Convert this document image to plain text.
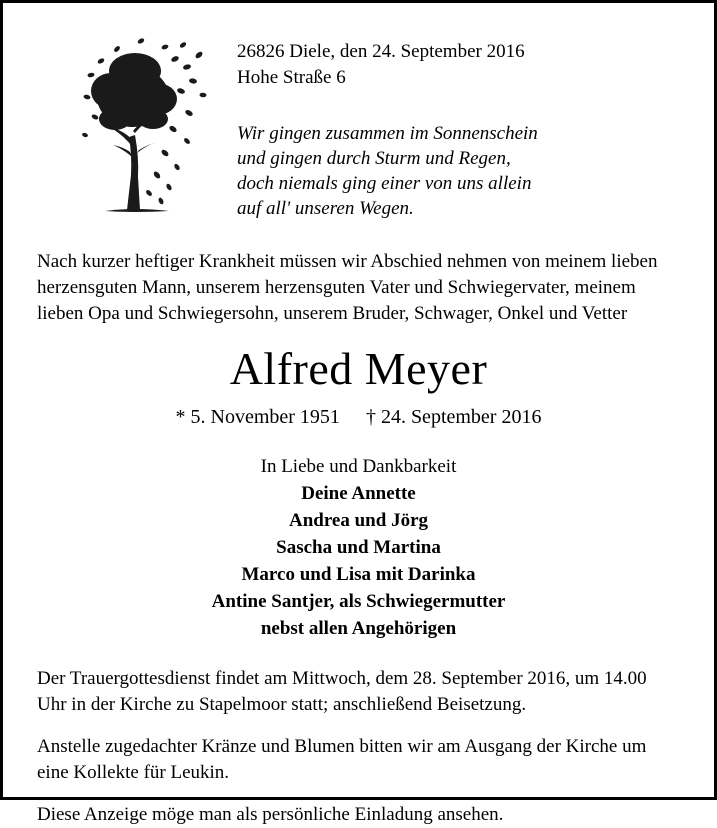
26826 Diele, den 24. September 2016
Hohe Straße 6
Wir gingen zusammen im Sonnenschein
und gingen durch Sturm und Regen,
doch niemals ging einer von uns allein
auf all' unseren Wegen.
Nach kurzer heftiger Krankheit müssen wir Abschied nehmen von meinem lieben herzensguten Mann, unserem herzensguten Vater und Schwiegervater, meinem lieben Opa und Schwiegersohn, unserem Bruder, Schwager, Onkel und Vetter
Alfred Meyer
* 5. November 1951 † 24. September 2016
In Liebe und Dankbarkeit
Deine Annette
Andrea und Jörg
Sascha und Martina
Marco und Lisa mit Darinka
Antine Santjer, als Schwiegermutter
nebst allen Angehörigen

Der Trauergottesdienst findet am Mittwoch, dem 28. September 2016, um 14.00 Uhr in der Kirche zu Stapelmoor statt; anschließend Beisetzung.

Anstelle zugedachter Kränze und Blumen bitten wir am Ausgang der Kirche um eine Kollekte für Leukin.

Diese Anzeige möge man als persönliche Einladung ansehen.
